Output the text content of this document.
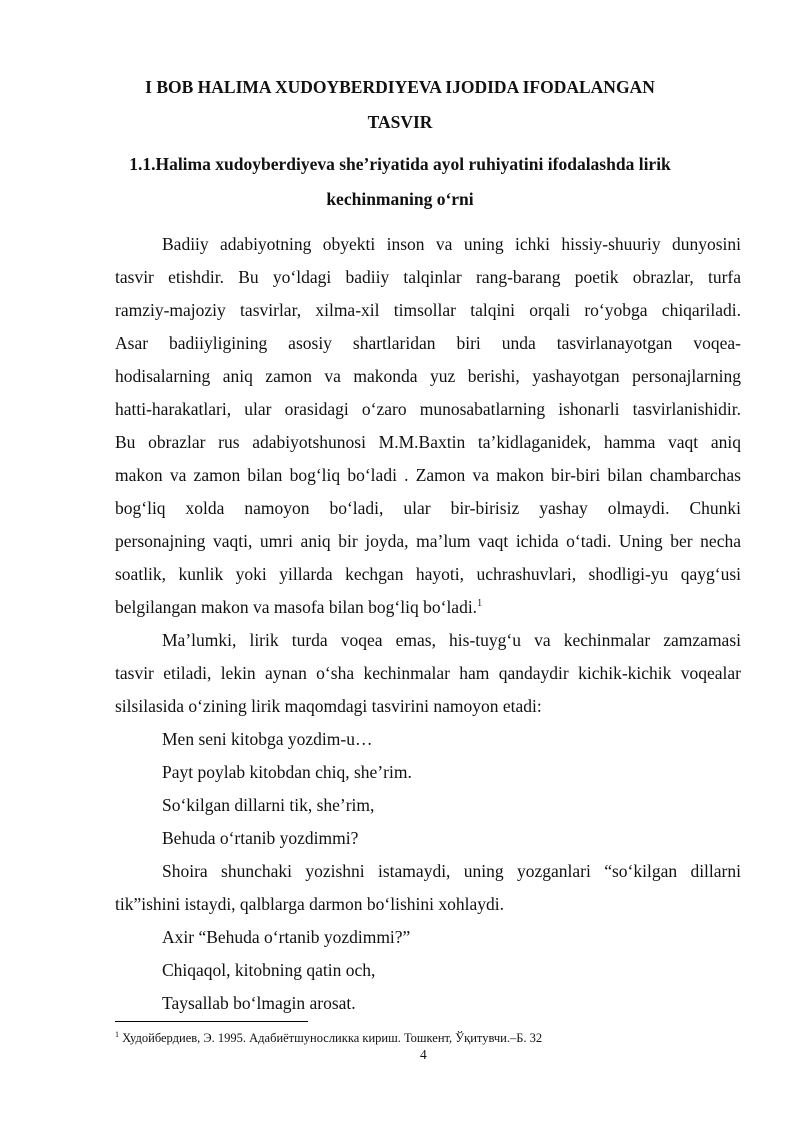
I BOB HALIMA XUDOYBERDIYEVA IJODIDA IFODALANGAN
TASVIR
1.1.Halima xudoyberdiyeva she’riyatida ayol ruhiyatini ifodalashda lirik
kechinmaning o‘rni
Badiiy adabiyotning obyekti inson va uning ichki hissiy-shuuriy dunyosini
tasvir etishdir. Bu yo‘ldagi badiiy talqinlar rang-barang poetik obrazlar, turfa
ramziy-majoziy tasvirlar, xilma-xil timsollar talqini orqali ro‘yobga chiqariladi.
Asar badiiyligining asosiy shartlaridan biri unda tasvirlanayotgan voqea-
hodisalarning aniq zamon va makonda yuz berishi, yashayotgan personajlarning
hatti-harakatlari, ular orasidagi o‘zaro munosabatlarning ishonarli tasvirlanishidir.
Bu obrazlar rus adabiyotshunosi M.M.Baxtin ta’kidlaganidek, hamma vaqt aniq
makon va zamon bilan bog‘liq bo‘ladi . Zamon va makon bir-biri bilan chambarchas
bog‘liq xolda namoyon bo‘ladi, ular bir-birisiz yashay olmaydi. Chunki
personajning vaqti, umri aniq bir joyda, ma’lum vaqt ichida o‘tadi. Uning ber necha
soatlik, kunlik yoki yillarda kechgan hayoti, uchrashuvlari, shodligi-yu qayg‘usi
belgilangan makon va masofa bilan bog‘liq bo‘ladi.$^1$
Ma’lumki, lirik turda voqea emas, his-tuyg‘u va kechinmalar zamzamasi
tasvir etiladi, lekin aynan o‘sha kechinmalar ham qandaydir kichik-kichik voqealar
silsilasida o‘zining lirik maqomdagi tasvirini namoyon etadi:
Men seni kitobga yozdim-u…
Payt poylab kitobdan chiq, she’rim.
So‘kilgan dillarni tik, she’rim,
Behuda o‘rtanib yozdimmi?
Shoira shunchaki yozishni istamaydi, uning yozganlari “so‘kilgan dillarni
tik”ishini istaydi, qalblarga darmon bo‘lishini xohlaydi.
Axir “Behuda o‘rtanib yozdimmi?”
Chiqaqol, kitobning qatin och,
Taysallab bo‘lmagin arosat.
$^1$ Худойбердиев, Э. 1995. Адабиётшуносликка кириш. Тошкент, Ўқитувчи.–Б. 32
4
